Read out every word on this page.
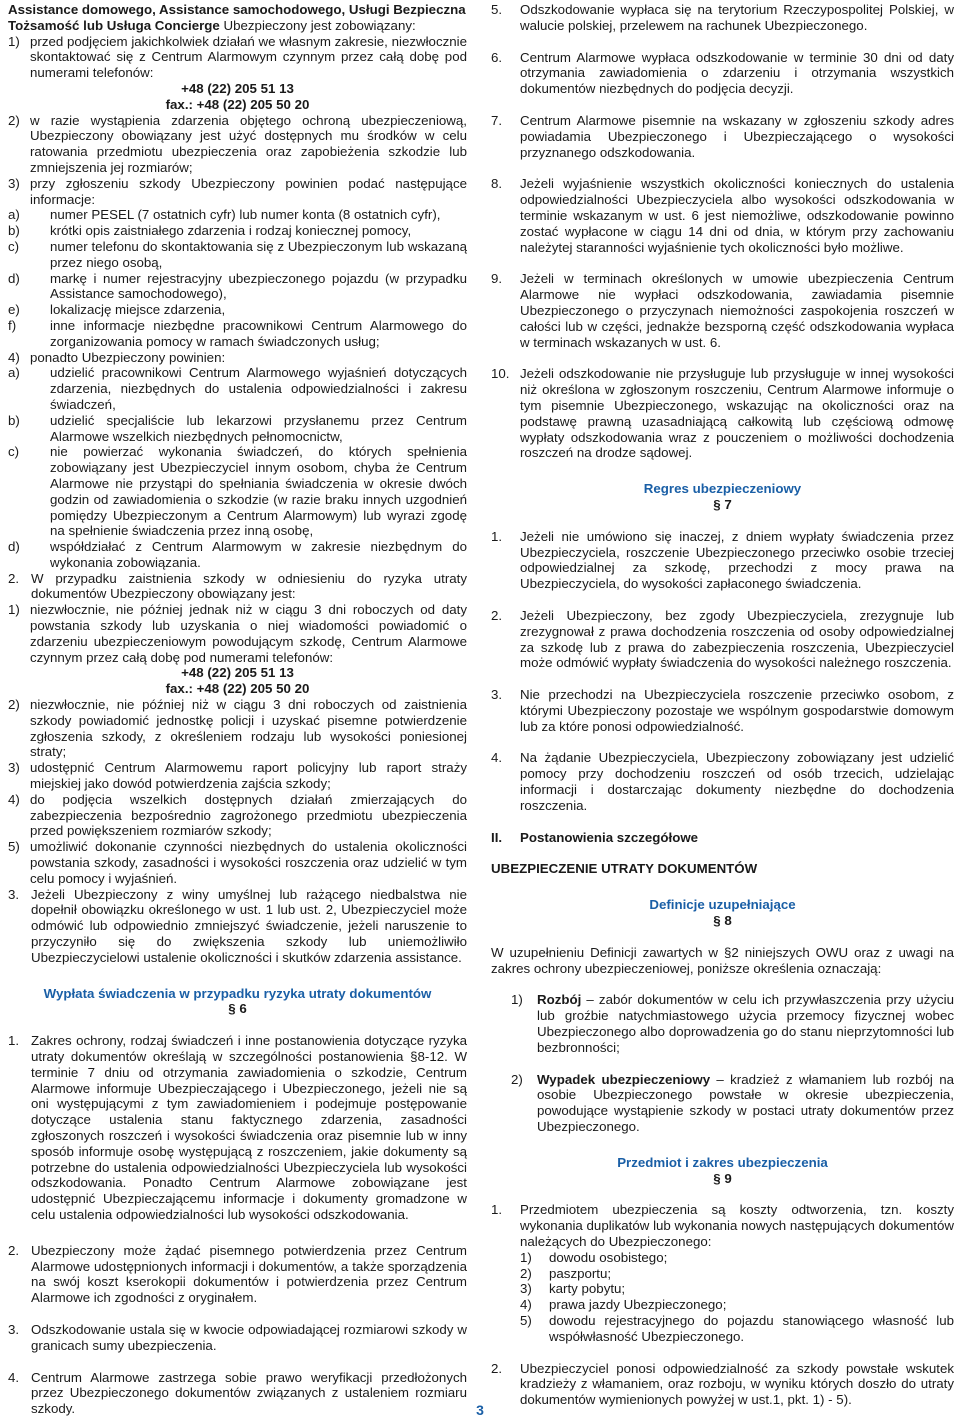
Assistance domowego, Assistance samochodowego, Usługi Bezpieczna

Tożsamość lub Usługa Concierge Ubezpieczony jest zobowiązany:

1) przed podjęciem jakichkolwiek działań we własnym zakresie, niezwłocznie skontaktować się z Centrum Alarmowym czynnym przez całą dobę pod numerami telefonów:

+48 (22) 205 51 13

fax.: +48 (22) 205 50 20

2) w razie wystąpienia zdarzenia objętego ochroną ubezpieczeniową, Ubezpieczony obowiązany jest użyć dostępnych mu środków w celu ratowania przedmiotu ubezpieczenia oraz zapobieżenia szkodzie lub zmniejszenia jej rozmiarów;
3) przy zgłoszeniu szkody Ubezpieczony powinien podać następujące informacje:
a)	numer PESEL (7 ostatnich cyfr) lub numer konta (8 ostatnich cyfr),
b)	krótki opis zaistniałego zdarzenia i rodzaj koniecznej pomocy,
c)	numer telefonu do skontaktowania się z Ubezpieczonym lub wskazaną przez niego osobą,
d)	markę i numer rejestracyjny ubezpieczonego pojazdu (w przypadku Assistance samochodowego),
e)	lokalizację miejsce zdarzenia,
f)	inne informacje niezbędne pracownikowi Centrum Alarmowego do zorganizowania pomocy w ramach świadczonych usług;
4) ponadto Ubezpieczony powinien:
a)	udzielić pracownikowi Centrum Alarmowego wyjaśnień dotyczących zdarzenia, niezbędnych do ustalenia odpowiedzialności i zakresu świadczeń,
b)	udzielić specjaliście lub lekarzowi przysłanemu przez Centrum Alarmowe wszelkich niezbędnych pełnomocnictw,
c)	nie powierzać wykonania świadczeń, do których spełnienia zobowiązany jest Ubezpieczyciel innym osobom, chyba że Centrum Alarmowe nie przystąpi do spełniania świadczenia w okresie dwóch godzin od zawiadomienia o szkodzie (w razie braku innych uzgodnień pomiędzy Ubezpieczonym a Centrum Alarmowym) lub wyrazi zgodę na spełnienie świadczenia przez inną osobę,
d)	współdziałać z Centrum Alarmowym w zakresie niezbędnym do wykonania zobowiązania.
2. W przypadku zaistnienia szkody w odniesieniu do ryzyka utraty dokumentów Ubezpieczony obowiązany jest:
1) niezwłocznie, nie później jednak niż w ciągu 3 dni roboczych od daty powstania szkody lub uzyskania o niej wiadomości powiadomić o zdarzeniu ubezpieczeniowym powodującym szkodę, Centrum Alarmowe czynnym przez całą dobę pod numerami telefonów:

+48 (22) 205 51 13

fax.: +48 (22) 205 50 20

2) niezwłocznie, nie później niż w ciągu 3 dni roboczych od zaistnienia szkody powiadomić jednostkę policji i uzyskać pisemne potwierdzenie zgłoszenia szkody, z określeniem rodzaju lub wysokości poniesionej straty;
3) udostępnić Centrum Alarmowemu raport policyjny lub raport straży miejskiej jako dowód potwierdzenia zajścia szkody;
4) do podjęcia wszelkich dostępnych działań zmierzających do zabezpieczenia bezpośrednio zagrożonego przedmiotu ubezpieczenia przed powiększeniem rozmiarów szkody;
5) umożliwić dokonanie czynności niezbędnych do ustalenia okoliczności powstania szkody, zasadności i wysokości roszczenia oraz udzielić w tym celu pomocy i wyjaśnień.
3. Jeżeli Ubezpieczony z winy umyślnej lub rażącego niedbalstwa nie dopełnił obowiązku określonego w ust. 1 lub ust. 2, Ubezpieczyciel może odmówić lub odpowiednio zmniejszyć świadczenie, jeżeli naruszenie to przyczyniło się do zwiększenia szkody lub uniemożliwiło Ubezpieczycielowi ustalenie okoliczności i skutków zdarzenia assistance.

Wypłata świadczenia w przypadku ryzyka utraty dokumentów

§ 6

1. Zakres ochrony, rodzaj świadczeń i inne postanowienia dotyczące ryzyka utraty dokumentów określają w szczególności postanowienia §8-12. W terminie 7 dniu od otrzymania zawiadomienia o szkodzie, Centrum Alarmowe informuje Ubezpieczającego i Ubezpieczonego, jeżeli nie są oni występującymi z tym zawiadomieniem i podejmuje postępowanie dotyczące ustalenia stanu faktycznego zdarzenia, zasadności zgłoszonych roszczeń i wysokości świadczenia oraz pisemnie lub w inny sposób informuje osobę występującą z roszczeniem, jakie dokumenty są potrzebne do ustalenia odpowiedzialności Ubezpieczyciela lub wysokości odszkodowania. Ponadto Centrum Alarmowe zobowiązane jest udostępnić Ubezpieczającemu informacje i dokumenty gromadzone w celu ustalenia odpowiedzialności lub wysokości odszkodowania.
2. Ubezpieczony może żądać pisemnego potwierdzenia przez Centrum Alarmowe udostępnionych informacji i dokumentów, a także sporządzenia na swój koszt kserokopii dokumentów i potwierdzenia przez Centrum Alarmowe ich zgodności z oryginałem.
3. Odszkodowanie ustala się w kwocie odpowiadającej rozmiarowi szkody w granicach sumy ubezpieczenia.
4. Centrum Alarmowe zastrzega sobie prawo weryfikacji przedłożonych przez Ubezpieczonego dokumentów związanych z ustaleniem rozmiaru szkody.
5.	Odszkodowanie wypłaca się na terytorium Rzeczypospolitej Polskiej, w walucie polskiej, przelewem na rachunek Ubezpieczonego.
6.	Centrum Alarmowe wypłaca odszkodowanie w terminie 30 dni od daty otrzymania zawiadomienia o zdarzeniu i otrzymania wszystkich dokumentów niezbędnych do podjęcia decyzji.
7.	Centrum Alarmowe pisemnie na wskazany w zgłoszeniu szkody adres powiadamia Ubezpieczonego i Ubezpieczającego o wysokości przyznanego odszkodowania.
8.	Jeżeli wyjaśnienie wszystkich okoliczności koniecznych do ustalenia odpowiedzialności Ubezpieczyciela albo wysokości odszkodowania w terminie wskazanym w ust. 6 jest niemożliwe, odszkodowanie powinno zostać wypłacone w ciągu 14 dni od dnia, w którym przy zachowaniu należytej staranności wyjaśnienie tych okoliczności było możliwe.
9.	Jeżeli w terminach określonych w umowie ubezpieczenia Centrum Alarmowe nie wypłaci odszkodowania, zawiadamia pisemnie Ubezpieczonego o przyczynach niemożności zaspokojenia roszczeń w całości lub w części, jednakże bezsporną część odszkodowania wypłaca w terminach wskazanych w ust. 6.
10. Jeżeli odszkodowanie nie przysługuje lub przysługuje w innej wysokości niż określona w zgłoszonym roszczeniu, Centrum Alarmowe informuje o tym pisemnie Ubezpieczonego, wskazując na okoliczności oraz na podstawę prawną uzasadniającą całkowitą lub częściową odmowę wypłaty odszkodowania wraz z pouczeniem o możliwości dochodzenia roszczeń na drodze sądowej.

Regres ubezpieczeniowy

§ 7

1.	Jeżeli nie umówiono się inaczej, z dniem wypłaty świadczenia przez Ubezpieczyciela, roszczenie Ubezpieczonego przeciwko osobie trzeciej odpowiedzialnej za szkodę, przechodzi z mocy prawa na Ubezpieczyciela, do wysokości zapłaconego świadczenia.
2.	Jeżeli Ubezpieczony, bez zgody Ubezpieczyciela, zrezygnuje lub zrezygnował z prawa dochodzenia roszczenia od osoby odpowiedzialnej za szkodę lub z prawa do zabezpieczenia roszczenia, Ubezpieczyciel może odmówić wypłaty świadczenia do wysokości należnego roszczenia.
3.	Nie przechodzi na Ubezpieczyciela roszczenie przeciwko osobom, z którymi Ubezpieczony pozostaje we wspólnym gospodarstwie domowym lub za które ponosi odpowiedzialność.
4.	Na żądanie Ubezpieczyciela, Ubezpieczony zobowiązany jest udzielić pomocy przy dochodzeniu roszczeń od osób trzecich, udzielając informacji i dostarczając dokumenty niezbędne do dochodzenia roszczenia.
II.	Postanowienia szczegółowe

UBEZPIECZENIE UTRATY DOKUMENTÓW

Definicje uzupełniające

§ 8

W uzupełnieniu Definicji zawartych w §2 niniejszych OWU oraz z uwagi na zakres ochrony ubezpieczeniowej, poniższe określenia oznaczają:

1)	Rozbój – zabór dokumentów w celu ich przywłaszczenia przy użyciu lub groźbie natychmiastowego użycia przemocy fizycznej wobec Ubezpieczonego albo doprowadzenia go do stanu nieprzytomności lub bezbronności;
2)	Wypadek ubezpieczeniowy – kradzież z włamaniem lub rozbój na osobie Ubezpieczonego powstałe w okresie ubezpieczenia, powodujące wystąpienie szkody w postaci utraty dokumentów przez Ubezpieczonego.

Przedmiot i zakres ubezpieczenia

§ 9

1.	Przedmiotem ubezpieczenia są koszty odtworzenia, tzn. koszty wykonania duplikatów lub wykonania nowych następujących dokumentów należących do Ubezpieczonego:
1)	dowodu osobistego;
2)	paszportu;
3)	karty pobytu;
4)	prawa jazdy Ubezpieczonego;
5)	dowodu rejestracyjnego do pojazdu stanowiącego własność lub współwłasność Ubezpieczonego.
2.	Ubezpieczyciel ponosi odpowiedzialność za szkody powstałe wskutek kradzieży z włamaniem, oraz rozboju, w wyniku których doszło do utraty dokumentów wymienionych powyżej w ust.1, pkt. 1) - 5).
3
